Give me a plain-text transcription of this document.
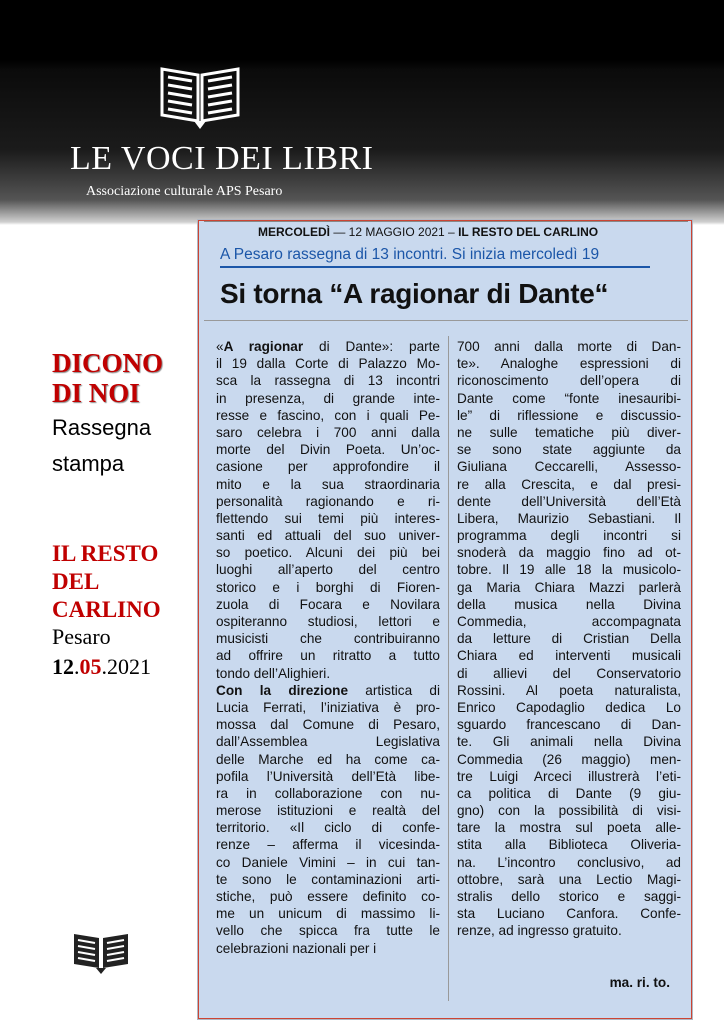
LE VOCI DEI LIBRI
Associazione culturale APS Pesaro
DICONO
DI NOI
Rassegna
stampa
IL RESTO
DEL
CARLINO
Pesaro
12.05.2021
MERCOLEDÌ — 12 MAGGIO 2021 – IL RESTO DEL CARLINO
A Pesaro rassegna di 13 incontri. Si inizia mercoledì 19
Si torna “A ragionar di Dante“
«A ragionar di Dante»: parte
il 19 dalla Corte di Palazzo Mo-
sca la rassegna di 13 incontri
in presenza, di grande inte-
resse e fascino, con i quali Pe-
saro celebra i 700 anni dalla
morte del Divin Poeta. Un’oc-
casione per approfondire il
mito e la sua straordinaria
personalità ragionando e ri-
flettendo sui temi più interes-
santi ed attuali del suo univer-
so poetico. Alcuni dei più bei
luoghi all’aperto del centro
storico e i borghi di Fioren-
zuola di Focara e Novilara
ospiteranno studiosi, lettori e
musicisti che contribuiranno
ad offrire un ritratto a tutto
tondo dell’Alighieri.
Con la direzione artistica di
Lucia Ferrati, l’iniziativa è pro-
mossa dal Comune di Pesaro,
dall’Assemblea Legislativa
delle Marche ed ha come ca-
pofila l’Università dell’Età libe-
ra in collaborazione con nu-
merose istituzioni e realtà del
territorio. «Il ciclo di confe-
renze – afferma il vicesinda-
co Daniele Vimini – in cui tan-
te sono le contaminazioni arti-
stiche, può essere definito co-
me un unicum di massimo li-
vello che spicca fra tutte le
celebrazioni nazionali per i
700 anni dalla morte di Dan-
te». Analoghe espressioni di
riconoscimento dell’opera di
Dante come “fonte inesauribi-
le” di riflessione e discussio-
ne sulle tematiche più diver-
se sono state aggiunte da
Giuliana Ceccarelli, Assesso-
re alla Crescita, e dal presi-
dente dell’Università dell’Età
Libera, Maurizio Sebastiani. Il
programma degli incontri si
snoderà da maggio fino ad ot-
tobre. Il 19 alle 18 la musicolo-
ga Maria Chiara Mazzi parlerà
della musica nella Divina
Commedia, accompagnata
da letture di Cristian Della
Chiara ed interventi musicali
di allievi del Conservatorio
Rossini. Al poeta naturalista,
Enrico Capodaglio dedica Lo
sguardo francescano di Dan-
te. Gli animali nella Divina
Commedia (26 maggio) men-
tre Luigi Arceci illustrerà l’eti-
ca politica di Dante (9 giu-
gno) con la possibilità di visi-
tare la mostra sul poeta alle-
stita alla Biblioteca Oliveria-
na. L’incontro conclusivo, ad
ottobre, sarà una Lectio Magi-
stralis dello storico e saggi-
sta Luciano Canfora. Confe-
renze, ad ingresso gratuito.
ma. ri. to.
